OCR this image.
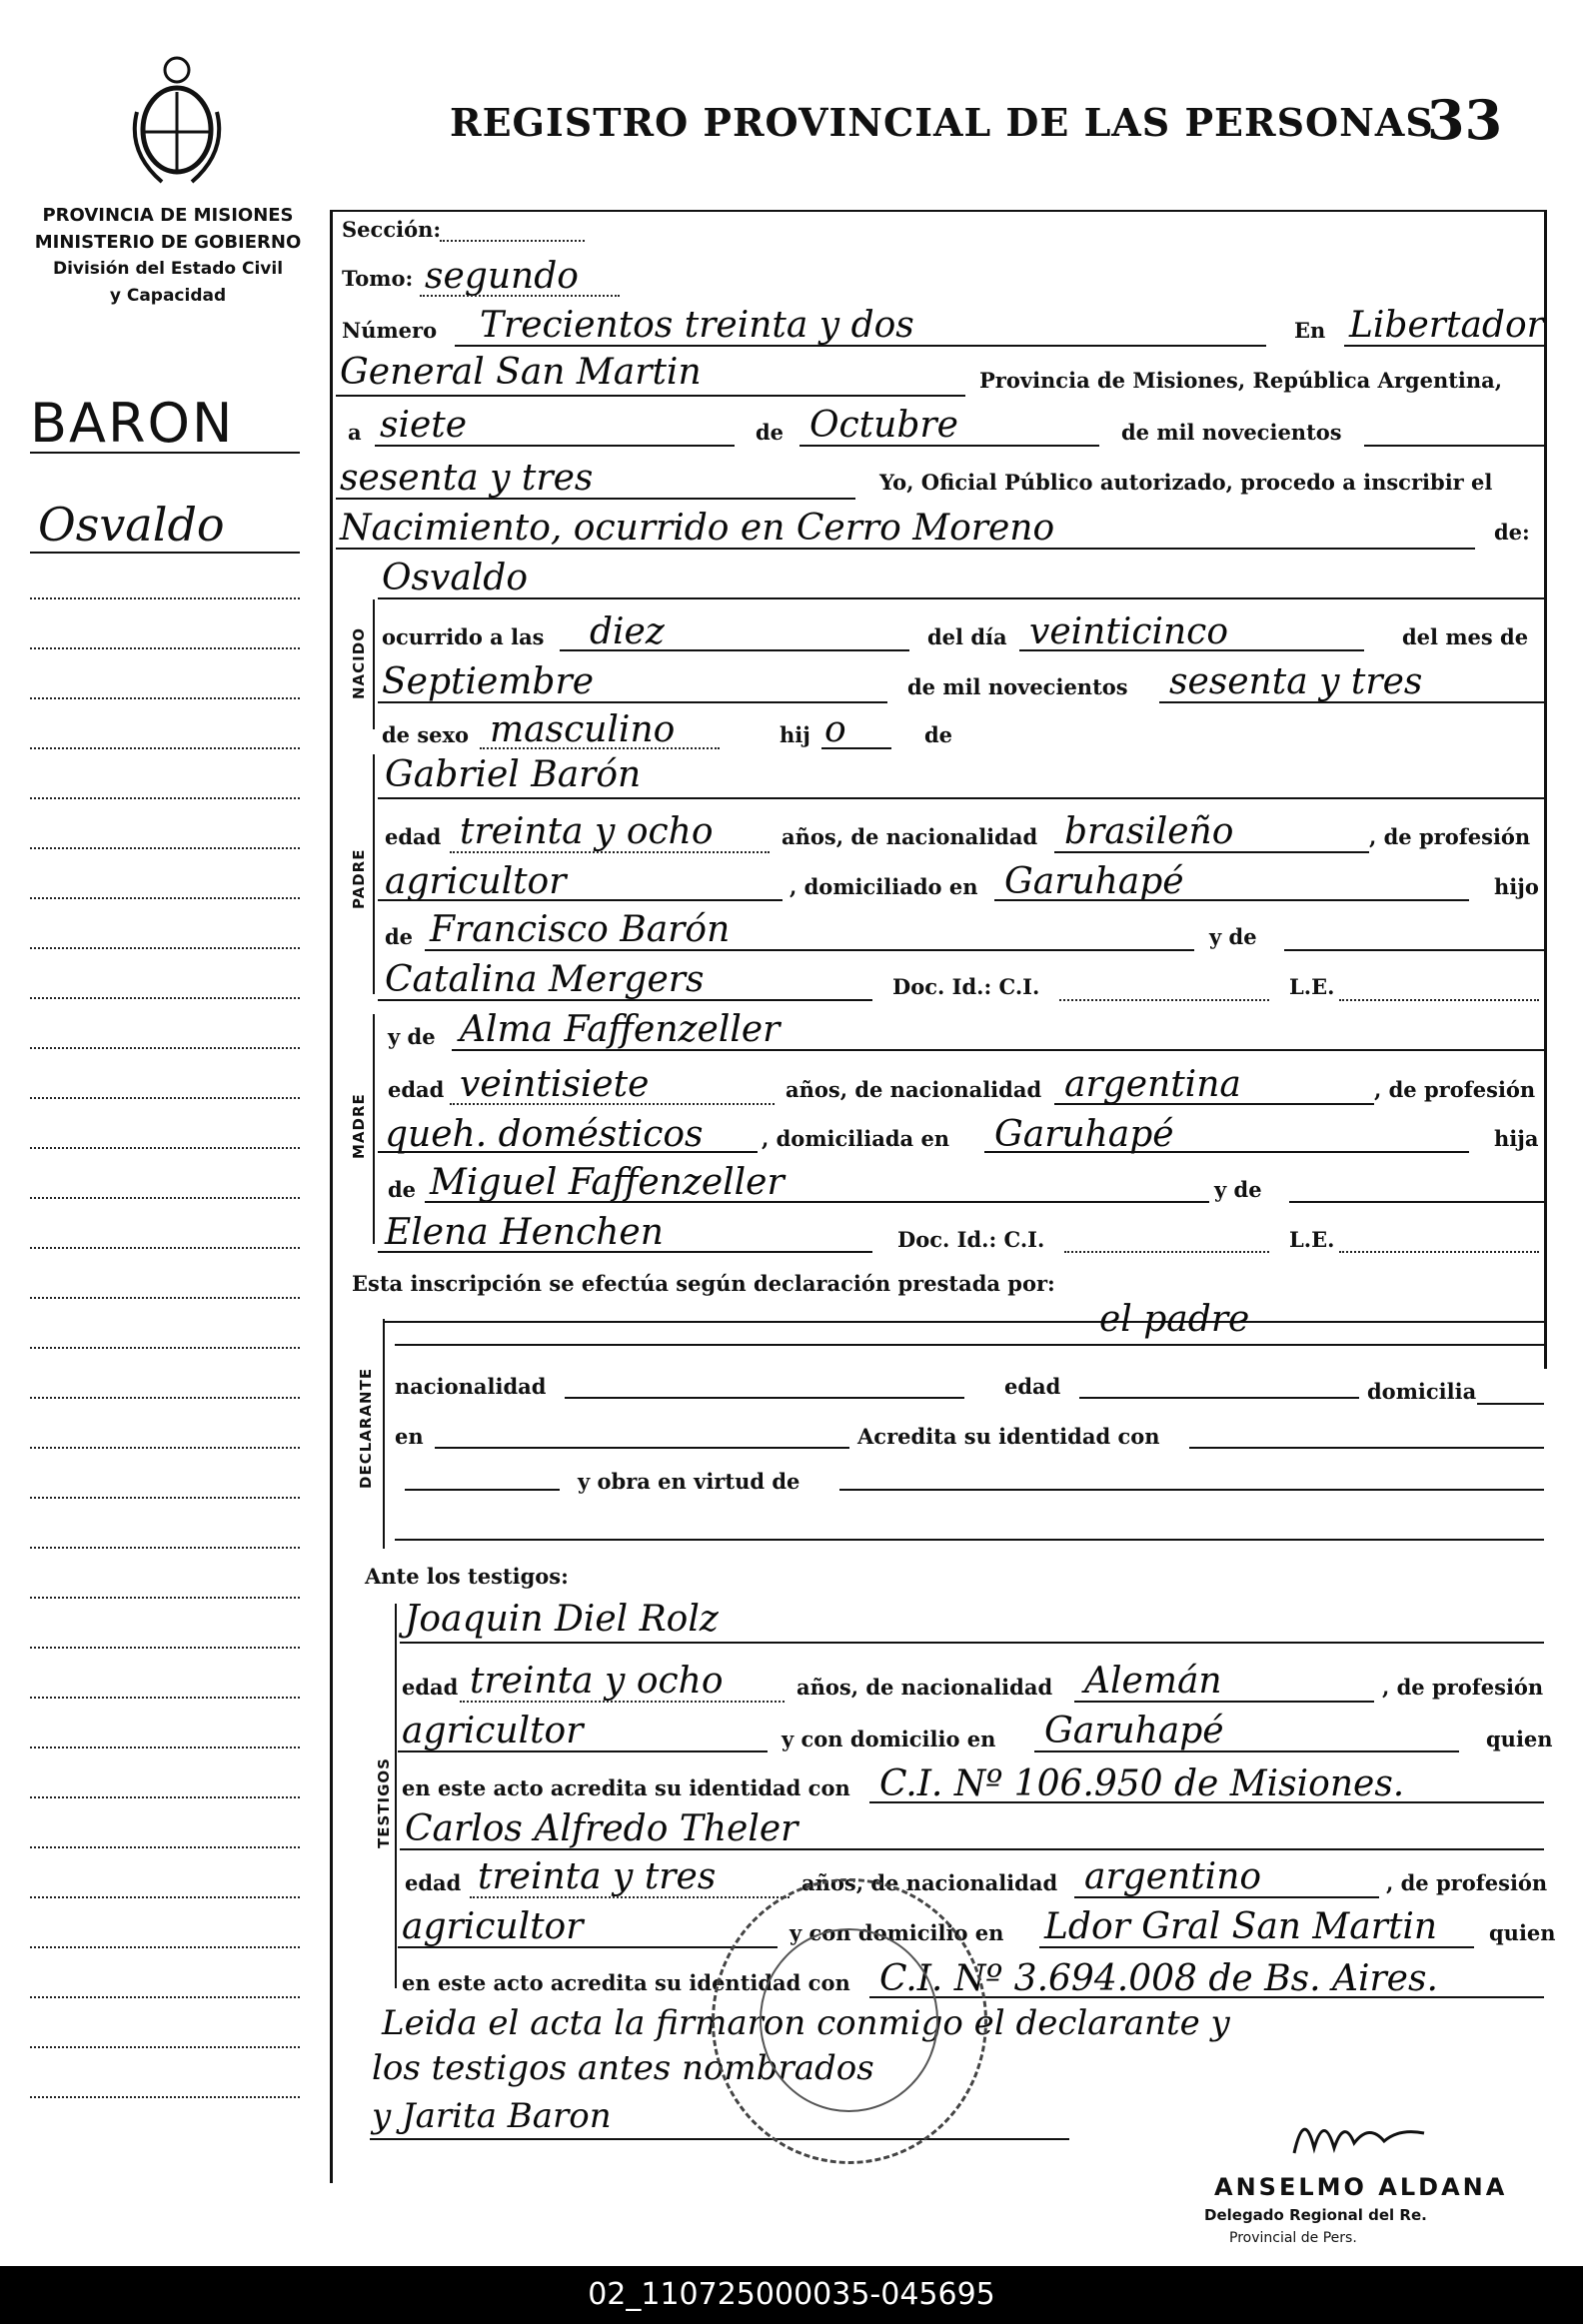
REGISTRO PROVINCIAL DE LAS PERSONAS
33
PROVINCIA DE MISIONES
MINISTERIO DE GOBIERNO
División del Estado Civil
y Capacidad
BARON
Osvaldo
NACIDO
PADRE
MADRE
DECLARANTE
TESTIGOS
Sección:
Tomo: segundo
Número Trecientos treinta y dos	En Libertador
General San Martin	Provincia de Misiones, República Argentina,
a siete	de Octubre	de mil novecientos
sesenta y tres	Yo, Oficial Público autorizado, procedo a inscribir el
Nacimiento, ocurrido en Cerro Moreno	de:
Osvaldo
ocurrido a las diez	del día veinticinco	del mes de
Septiembre	de mil novecientos sesenta y tres
de sexo masculino	hij o	de
Gabriel Barón
edad treinta y ocho	años, de nacionalidad brasileño	, de profesión
agricultor	, domiciliado en Garuhapé	hijo
de Francisco Barón	y de
Catalina Mergers	Doc. Id.: C.I.	L.E.
y de Alma Faffenzeller
edad veintisiete	años, de nacionalidad argentina	, de profesión
queh. domésticos	, domiciliada en Garuhapé	hija
de Miguel Faffenzeller	y de
Elena Henchen	Doc. Id.: C.I.	L.E.
Esta inscripción se efectúa según declaración prestada por:
el padre
nacionalidad	edad	domicilia
en	Acredita su identidad con
y obra en virtud de
Ante los testigos:
Joaquin Diel Rolz
edad treinta y ocho	años, de nacionalidad Alemán	, de profesión
agricultor	y con domicilio en Garuhapé	quien
en este acto acredita su identidad con C.I. Nº 106.950 de Misiones.
Carlos Alfredo Theler
edad treinta y tres	años, de nacionalidad argentino	, de profesión
agricultor	y con domicilio en Ldor Gral San Martin quien
en este acto acredita su identidad con C.I. Nº 3.694.008 de Bs. Aires.
Leida el acta la firmaron conmigo el declarante y
los testigos antes nombrados
y Jarita Baron
ANSELMO ALDANA
Delegado Regional del Re.
Provincial de Pers.
02_110725000035-045695
